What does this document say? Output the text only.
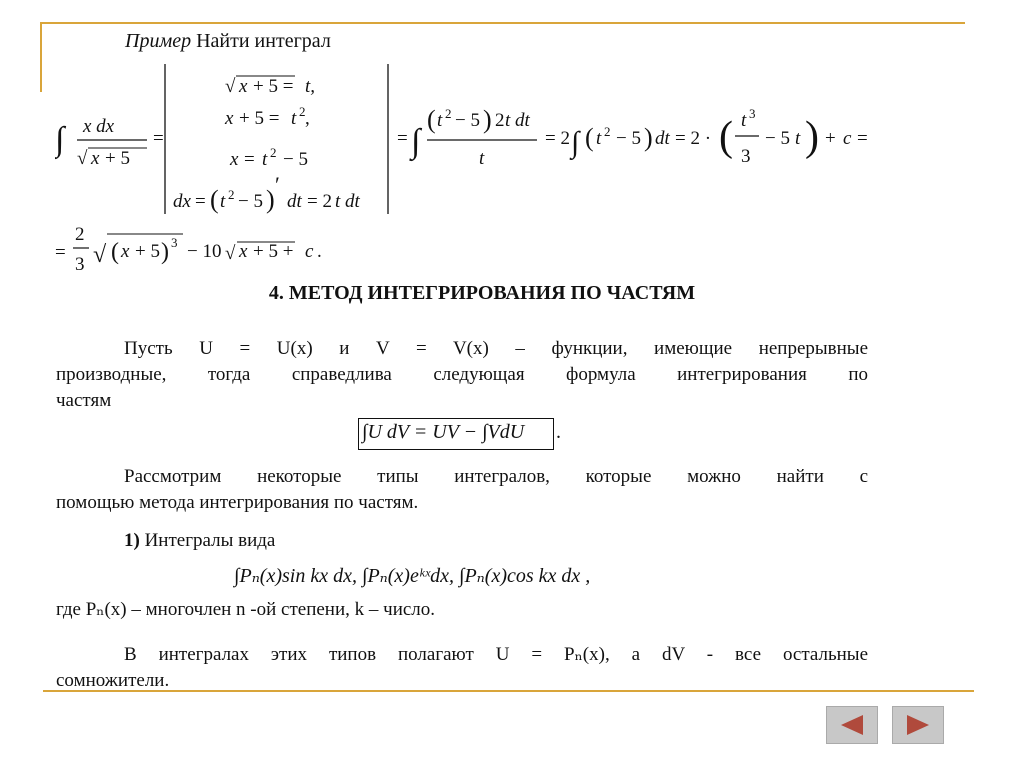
Пример Найти интеграл
∫ x dx
√ x + 5
=
√ x + 5 = t,
x + 5 = t 2 ,
x = t 2 − 5
dx = ( t 2 − 5 )
′
dt = 2 t dt
= ∫
( t 2 − 5 ) 2 t dt
t
= 2 ∫ ( t 2 − 5 ) dt = 2 · ( t 3
3
− 5 t ) + c =
=
2
3 √ ( x + 5 ) 3 − 10 √ x + 5 + c .
4. МЕТОД ИНТЕГРИРОВАНИЯ ПО ЧАСТЯМ
Пусть U = U(x) и V = V(x) – функции, имеющие непрерывные
производные, тогда справедлива следующая формула интегрирования по
частям
∫U dV = UV − ∫VdU .
Рассмотрим некоторые типы интегралов, которые можно найти с
помощью метода интегрирования по частям.
1) Интегралы вида
∫Pₙ(x)sin kx dx, ∫Pₙ(x)eᵏˣdx, ∫Pₙ(x)cos kx dx ,
где Pₙ(x) – многочлен n -ой степени, k – число.
В интегралах этих типов полагают U = Pₙ(x), а dV - все остальные
сомножители.
